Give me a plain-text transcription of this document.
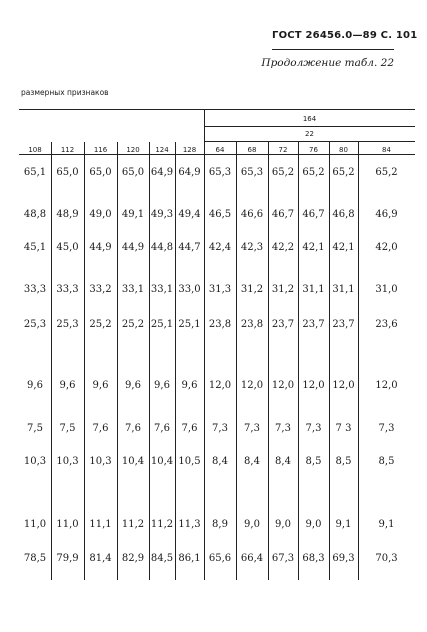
ГОСТ 26456.0—89 С. 101
Продолжение табл. 22
размерных признаков
164
22
108	112	116	120	124	128	64	68	72	76	80	84
65,1	65,0	65,0	65,0 64,9 64,9 65,3 65,3 65,2 65,2 65,2	65,2
48,8	48,9	49,0	49,1 49,3 49,4 46,5 46,6 46,7 46,7 46,8	46,9
45,1	45,0	44,9	44,9 44,8 44,7 42,4 42,3 42,2 42,1 42,1	42,0
33,3	33,3	33,2	33,1 33,1 33,0 31,3 31,2 31,2 31,1 31,1	31,0
25,3	25,3	25,2	25,2 25,1 25,1 23,8 23,8 23,7 23,7 23,7	23,6
9,6	9,6	9,6	9,6	9,6	9,6	12,0 12,0 12,0 12,0 12,0	12,0
7,5	7,5	7,6	7,6	7,6	7,6	7,3	7,3	7,3	7,3	7 3	7,3
10,3	10,3	10,3	10,4 10,4 10,5	8,4	8,4	8,4	8,5	8,5	8,5
11,0	11,0	11,1	11,2 11,2 11,3	8,9	9,0	9,0	9,0	9,1	9,1
78,5	79,9	81,4	82,9 84,5 86,1 65,6 66,4 67,3 68,3 69,3	70,3
